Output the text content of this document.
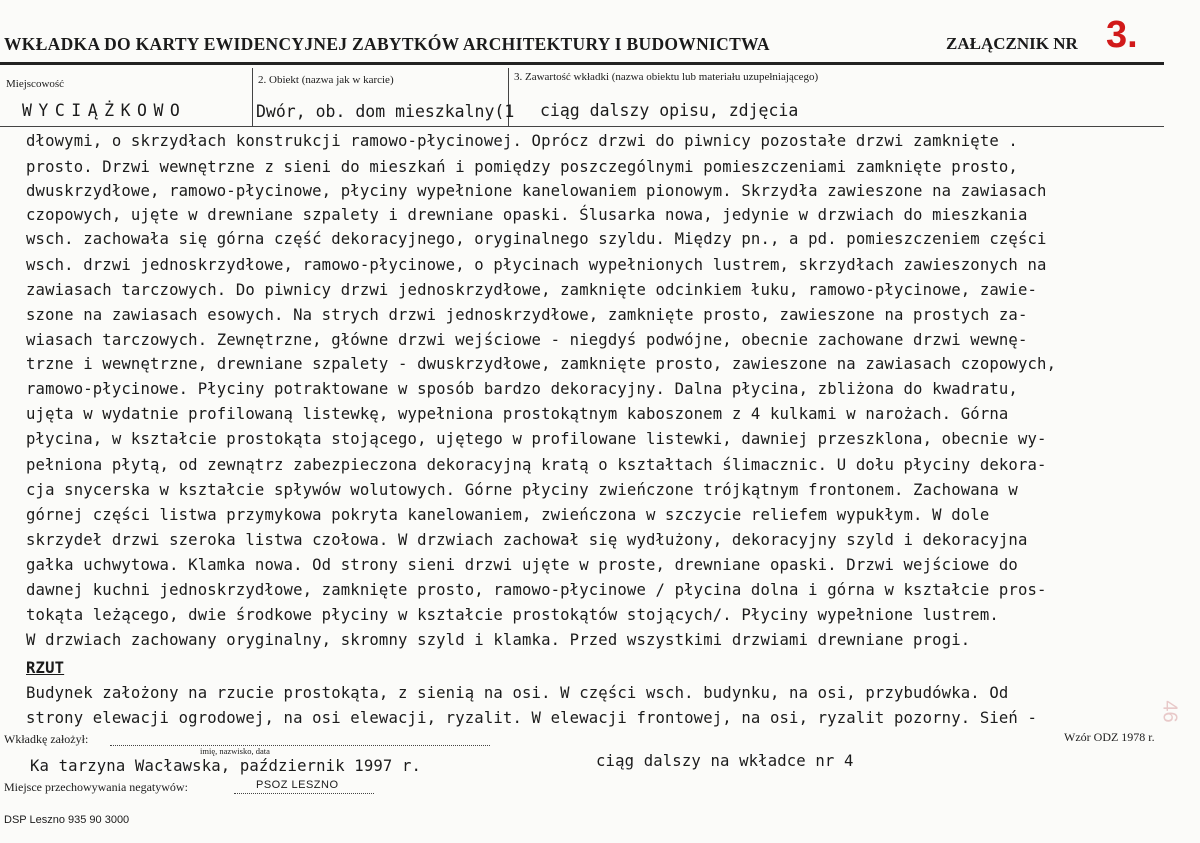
WKŁADKA DO KARTY EWIDENCYJNEJ ZABYTKÓW ARCHITEKTURY I BUDOWNICTWA	ZAŁĄCZNIK NR 3.
Miejscowość
WYCIĄŻKOWO
2. Obiekt (nazwa jak w karcie)
Dwór, ob. dom mieszkalny(1
3. Zawartość wkładki (nazwa obiektu lub materiału uzupełniającego)
ciąg dalszy opisu, zdjęcia
dłowymi, o skrzydłach konstrukcji ramowo-płycinowej. Oprócz drzwi do piwnicy pozostałe drzwi zamknięte .
prosto. Drzwi wewnętrzne z sieni do mieszkań i pomiędzy poszczególnymi pomieszczeniami zamknięte prosto,
dwuskrzydłowe, ramowo-płycinowe, płyciny wypełnione kanelowaniem pionowym. Skrzydła zawieszone na zawiasach
czopowych, ujęte w drewniane szpalety i drewniane opaski. Ślusarka nowa, jedynie w drzwiach do mieszkania
wsch. zachowała się górna część dekoracyjnego, oryginalnego szyldu. Między pn., a pd. pomieszczeniem części
wsch. drzwi jednoskrzydłowe, ramowo-płycinowe, o płycinach wypełnionych lustrem, skrzydłach zawieszonych na
zawiasach tarczowych. Do piwnicy drzwi jednoskrzydłowe, zamknięte odcinkiem łuku, ramowo-płycinowe, zawie-
szone na zawiasach esowych. Na strych drzwi jednoskrzydłowe, zamknięte prosto, zawieszone na prostych za-
wiasach tarczowych. Zewnętrzne, główne drzwi wejściowe - niegdyś podwójne, obecnie zachowane drzwi wewnę-
trzne i wewnętrzne, drewniane szpalety - dwuskrzydłowe, zamknięte prosto, zawieszone na zawiasach czopowych,
ramowo-płycinowe. Płyciny potraktowane w sposób bardzo dekoracyjny. Dalna płycina, zbliżona do kwadratu,
ujęta w wydatnie profilowaną listewkę, wypełniona prostokątnym kaboszonem z 4 kulkami w narożach. Górna
płycina, w kształcie prostokąta stojącego, ujętego w profilowane listewki, dawniej przeszklona, obecnie wy-
pełniona płytą, od zewnątrz zabezpieczona dekoracyjną kratą o kształtach ślimacznic. U dołu płyciny dekora-
cja snycerska w kształcie spływów wolutowych. Górne płyciny zwieńczone trójkątnym frontonem. Zachowana w
górnej części listwa przymykowa pokryta kanelowaniem, zwieńczona w szczycie reliefem wypukłym. W dole
skrzydeł drzwi szeroka listwa czołowa. W drzwiach zachował się wydłużony, dekoracyjny szyld i dekoracyjna
gałka uchwytowa. Klamka nowa. Od strony sieni drzwi ujęte w proste, drewniane opaski. Drzwi wejściowe do
dawnej kuchni jednoskrzydłowe, zamknięte prosto, ramowo-płycinowe / płycina dolna i górna w kształcie pros-
tokąta leżącego, dwie środkowe płyciny w kształcie prostokątów stojących/. Płyciny wypełnione lustrem.
W drzwiach zachowany oryginalny, skromny szyld i klamka. Przed wszystkimi drzwiami drewniane progi.
RZUT
Budynek założony na rzucie prostokąta, z sienią na osi. W części wsch. budynku, na osi, przybudówka. Od
strony elewacji ogrodowej, na osi elewacji, ryzalit. W elewacji frontowej, na osi, ryzalit pozorny. Sień -
Wkładkę założył:
imię, nazwisko, data
Wzór ODZ 1978 r.
Ka tarzyna Wacławska, październik 1997 r.	ciąg dalszy na wkładce nr 4
Miejsce przechowywania negatywów:	PSOZ LESZNO
DSP Leszno 935 90 3000
46
